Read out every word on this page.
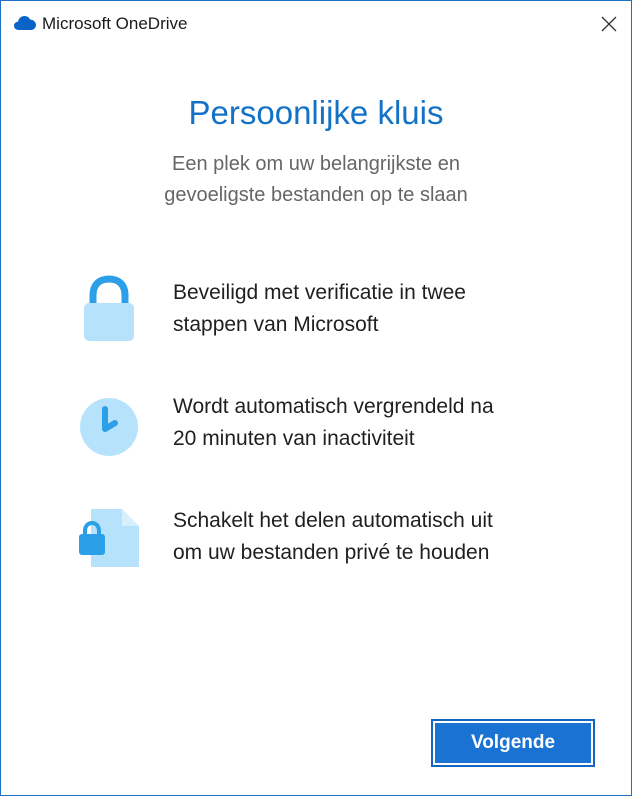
Microsoft OneDrive
Persoonlijke kluis
Een plek om uw belangrijkste en
gevoeligste bestanden op te slaan
Beveiligd met verificatie in twee
stappen van Microsoft
Wordt automatisch vergrendeld na
20 minuten van inactiviteit
Schakelt het delen automatisch uit
om uw bestanden privé te houden
Volgende
